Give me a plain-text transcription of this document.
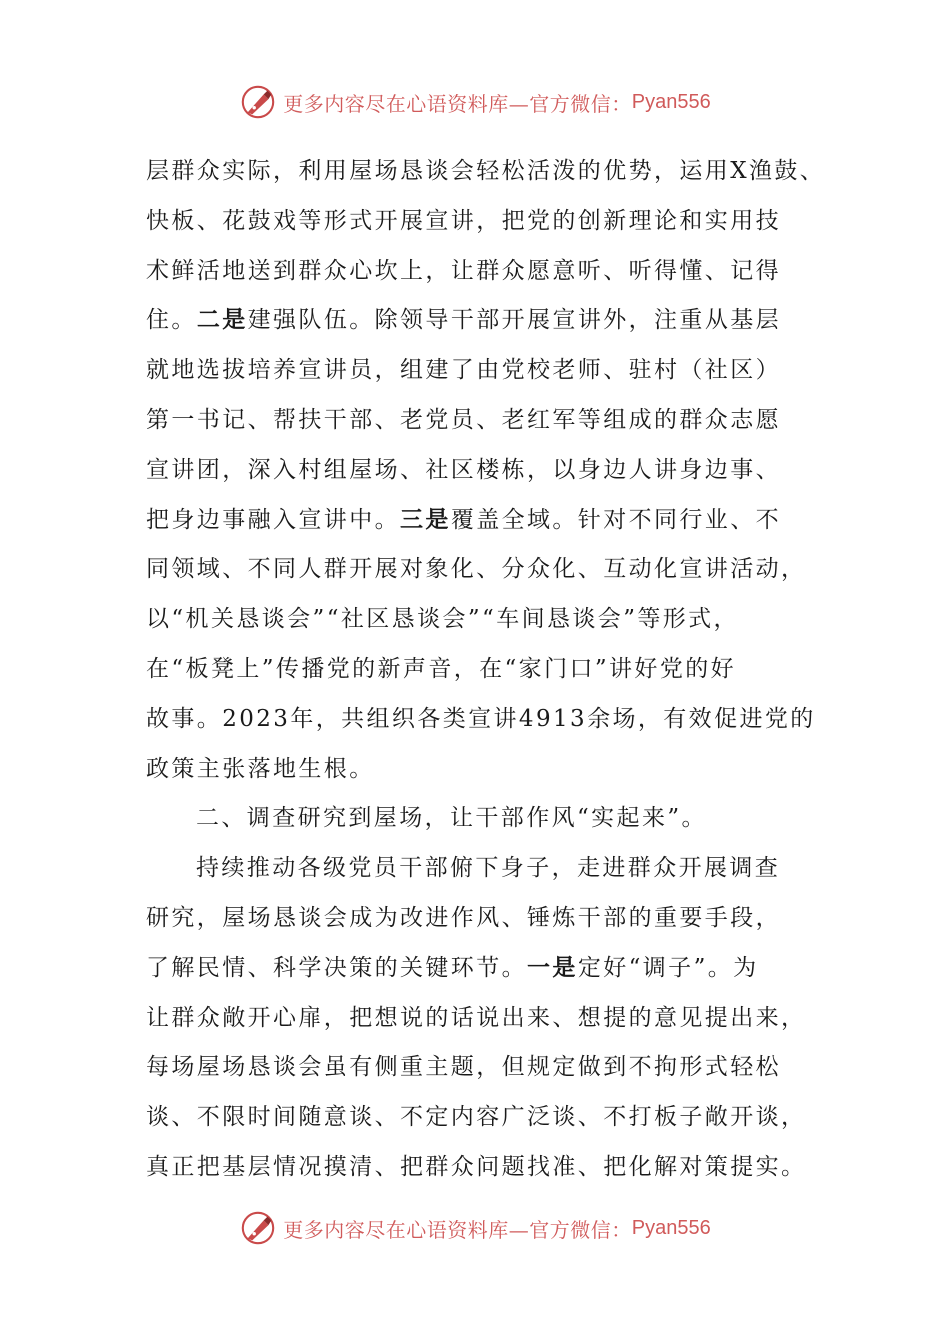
更多内容尽在心语资料库—官方微信： Pyan556
层群众实际，利用屋场恳谈会轻松活泼的优势，运用X渔鼓、
快板、花鼓戏等形式开展宣讲，把党的创新理论和实用技
术鲜活地送到群众心坎上，让群众愿意听、听得懂、记得
住。二是建强队伍。除领导干部开展宣讲外，注重从基层
就地选拔培养宣讲员，组建了由党校老师、驻村（社区）
第一书记、帮扶干部、老党员、老红军等组成的群众志愿
宣讲团，深入村组屋场、社区楼栋，以身边人讲身边事、
把身边事融入宣讲中。三是覆盖全域。针对不同行业、不
同领域、不同人群开展对象化、分众化、互动化宣讲活动，
以“机关恳谈会”“社区恳谈会”“车间恳谈会”等形式，
在“板凳上”传播党的新声音，在“家门口”讲好党的好
故事。2023年，共组织各类宣讲4913余场，有效促进党的
政策主张落地生根。
二、调查研究到屋场，让干部作风“实起来”。
持续推动各级党员干部俯下身子，走进群众开展调查
研究，屋场恳谈会成为改进作风、锤炼干部的重要手段，
了解民情、科学决策的关键环节。一是定好“调子”。为
让群众敞开心扉，把想说的话说出来、想提的意见提出来，
每场屋场恳谈会虽有侧重主题，但规定做到不拘形式轻松
谈、不限时间随意谈、不定内容广泛谈、不打板子敞开谈，
真正把基层情况摸清、把群众问题找准、把化解对策提实。
更多内容尽在心语资料库—官方微信： Pyan556
